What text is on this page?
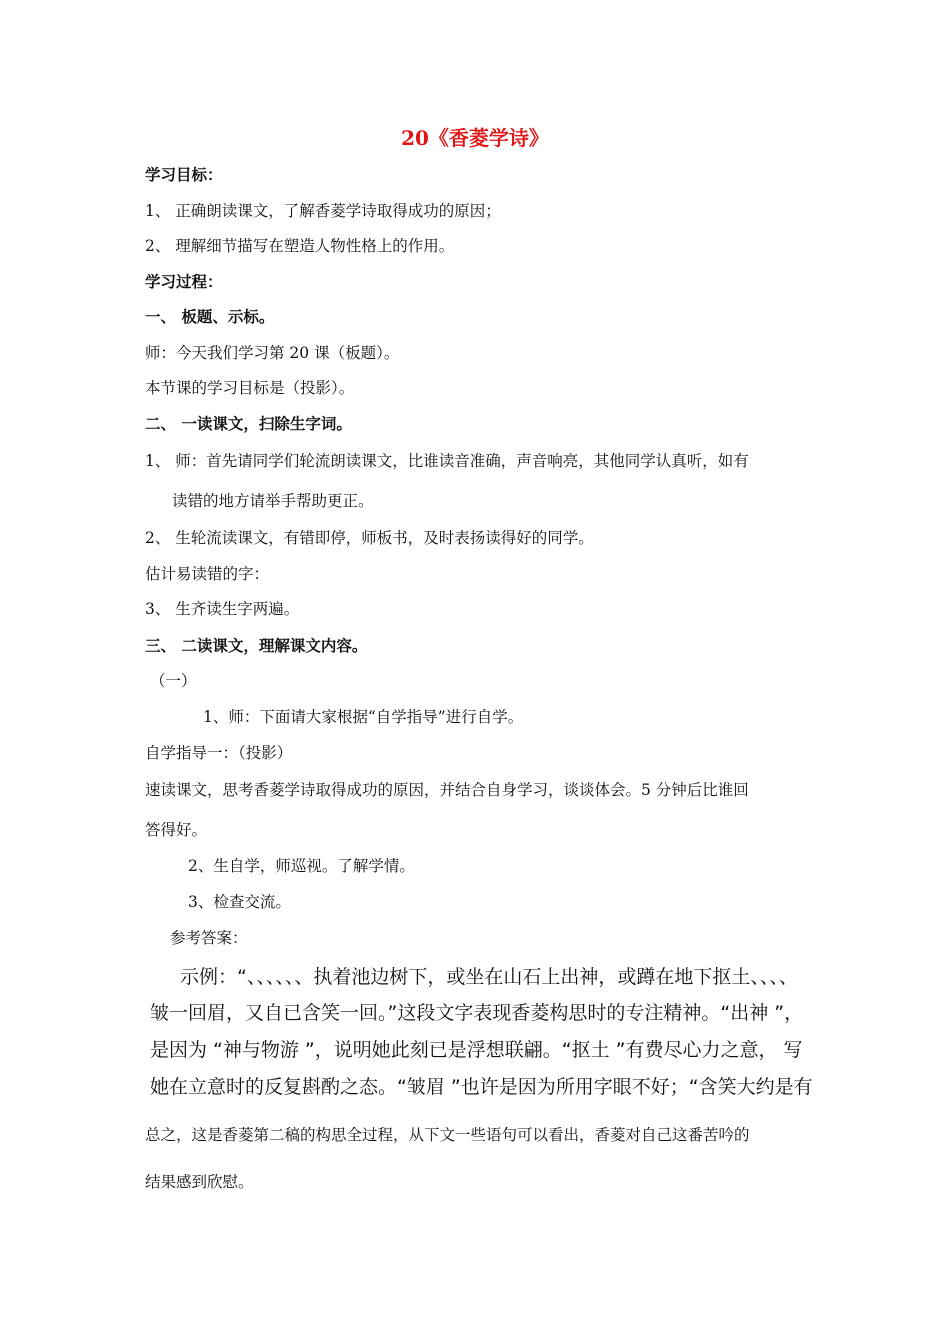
20《香菱学诗》
学习目标：
1、 正确朗读课文，了解香菱学诗取得成功的原因；
2、 理解细节描写在塑造人物性格上的作用。
学习过程：
一、 板题、示标。
师：今天我们学习第 20 课（板题）。
本节课的学习目标是（投影）。
二、 一读课文，扫除生字词。
1、 师：首先请同学们轮流朗读课文，比谁读音准确，声音响亮，其他同学认真听，如有
读错的地方请举手帮助更正。
2、 生轮流读课文，有错即停，师板书，及时表扬读得好的同学。
估计易读错的字：
3、 生齐读生字两遍。
三、 二读课文，理解课文内容。
（一）
1、师：下面请大家根据“自学指导”进行自学。
自学指导一：（投影）
速读课文，思考香菱学诗取得成功的原因，并结合自身学习，谈谈体会。5 分钟后比谁回
答得好。
2、生自学，师巡视。了解学情。
3、检查交流。
参考答案：
示例：“、、、、、、执着池边树下，或坐在山石上出神，或蹲在地下抠土、、、、
皱一回眉，又自已含笑一回。”这段文字表现香菱构思时的专注精神。“出神 ”，
是因为 “神与物游 ”，说明她此刻已是浮想联翩。“抠土 ”有费尽心力之意， 写
她在立意时的反复斟酌之态。“皱眉 ”也许是因为所用字眼不好；“含笑大约是有
总之，这是香菱第二稿的构思全过程，从下文一些语句可以看出，香菱对自己这番苦吟的
结果感到欣慰。
